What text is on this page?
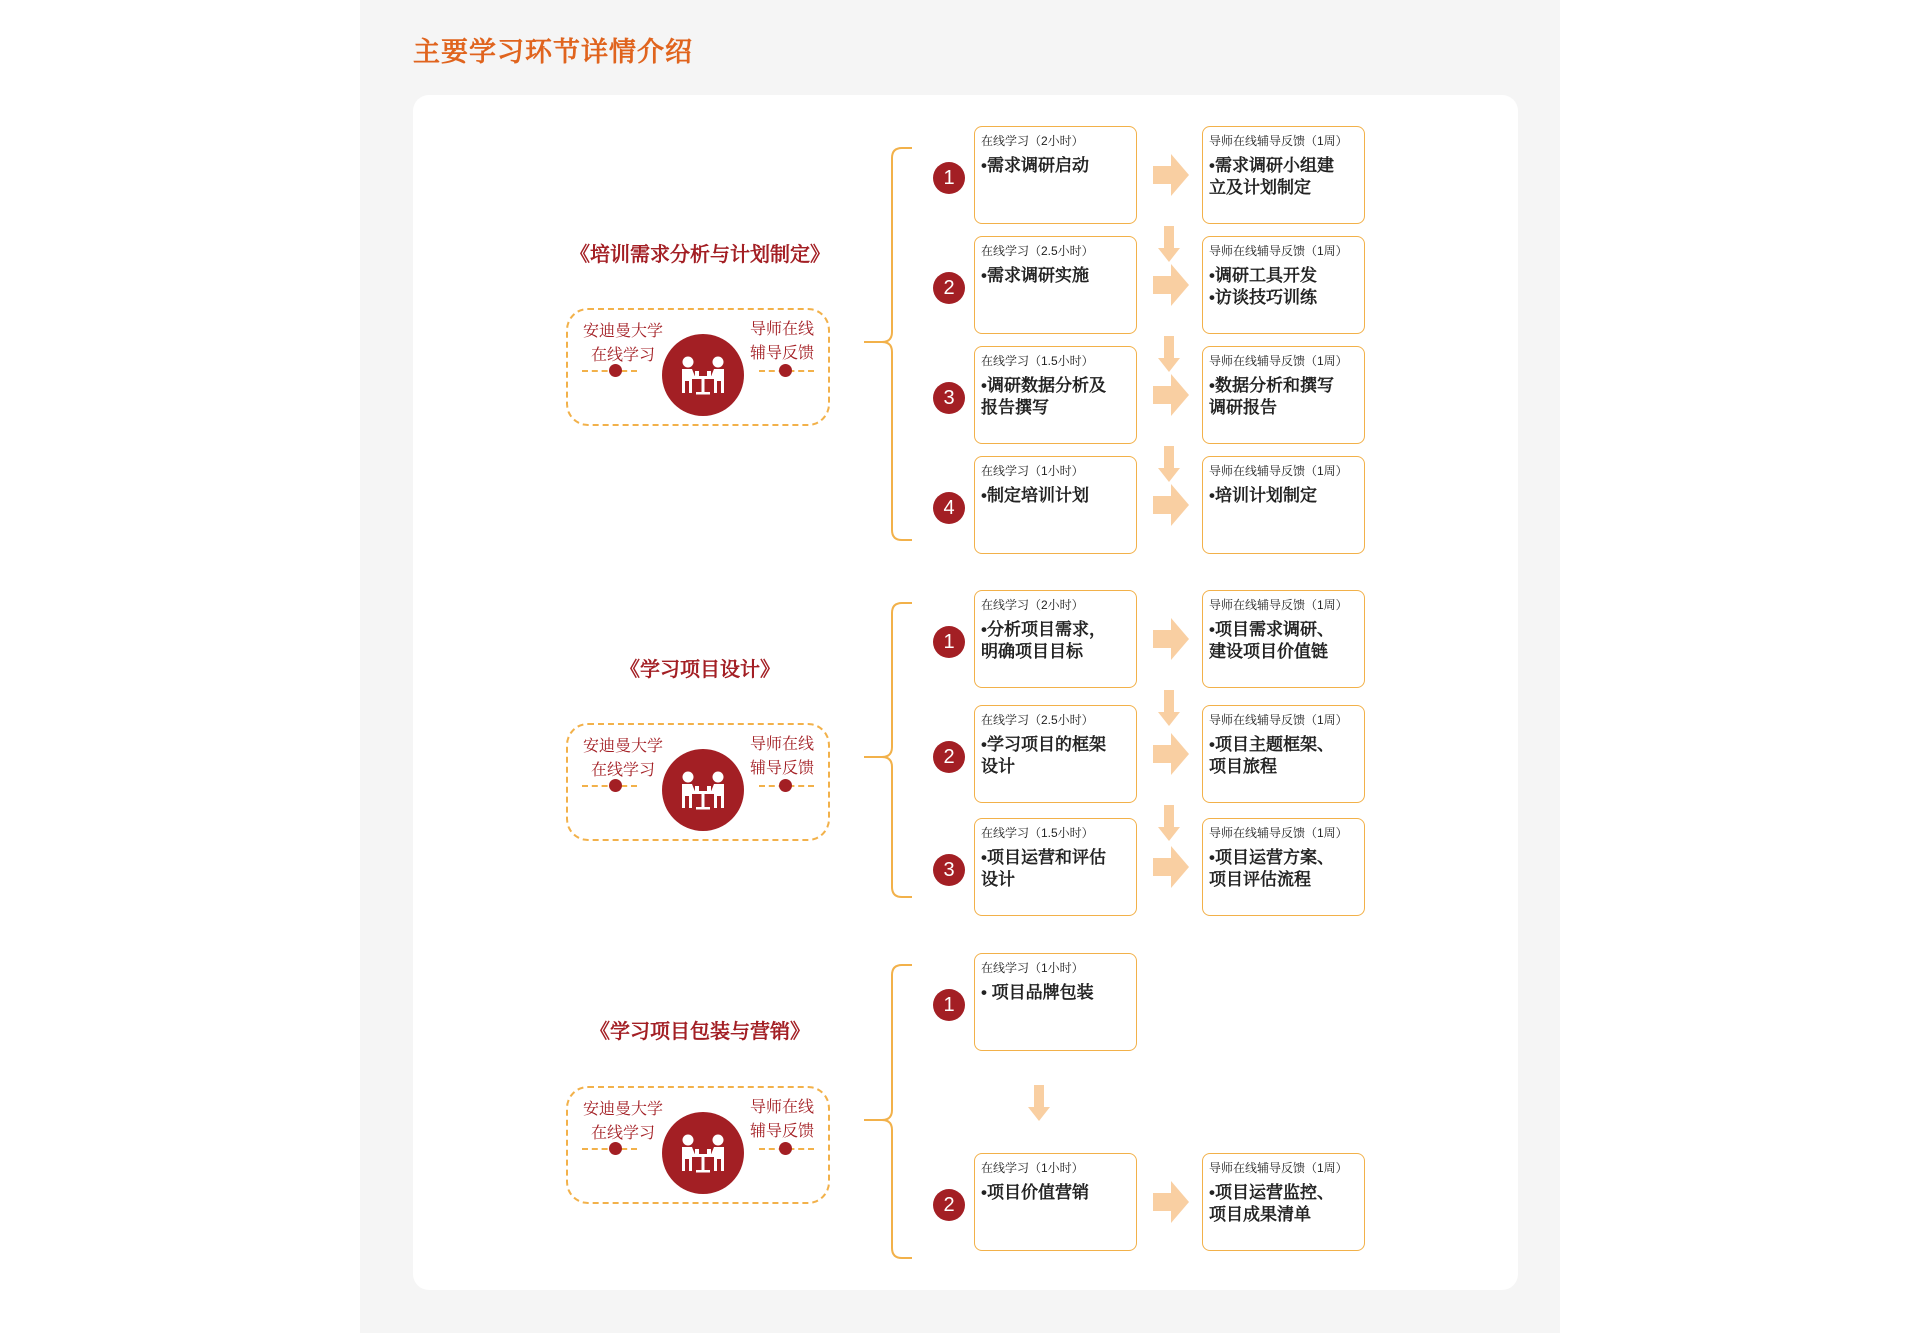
主要学习环节详情介绍
《培训需求分析与计划制定》
安迪曼大学
在线学习
导师在线
辅导反馈
1
在线学习（2小时）
•需求调研启动
导师在线辅导反馈（1周）
•需求调研小组建
立及计划制定
2
在线学习（2.5小时）
•需求调研实施
导师在线辅导反馈（1周）
•调研工具开发
•访谈技巧训练
3
在线学习（1.5小时）
•调研数据分析及
报告撰写
导师在线辅导反馈（1周）
•数据分析和撰写
调研报告
4
在线学习（1小时）
•制定培训计划
导师在线辅导反馈（1周）
•培训计划制定
《学习项目设计》
安迪曼大学
在线学习
导师在线
辅导反馈
1
在线学习（2小时）
•分析项目需求，
明确项目目标
导师在线辅导反馈（1周）
•项目需求调研、
建设项目价值链
2
在线学习（2.5小时）
•学习项目的框架
设计
导师在线辅导反馈（1周）
•项目主题框架、
项目旅程
3
在线学习（1.5小时）
•项目运营和评估
设计
导师在线辅导反馈（1周）
•项目运营方案、
项目评估流程
《学习项目包装与营销》
安迪曼大学
在线学习
导师在线
辅导反馈
1
在线学习（1小时）
• 项目品牌包装
2
在线学习（1小时）
•项目价值营销
导师在线辅导反馈（1周）
•项目运营监控、
项目成果清单
